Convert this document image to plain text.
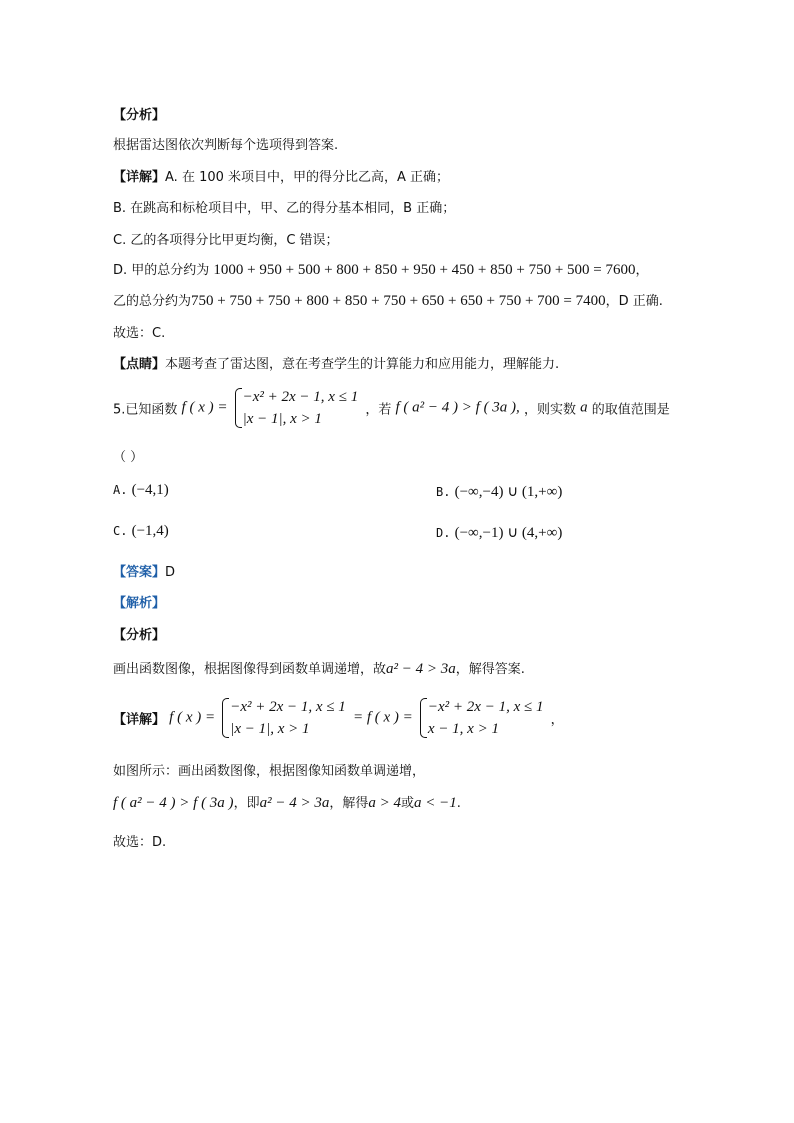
【分析】
根据雷达图依次判断每个选项得到答案.
【详解】A. 在 100 米项目中，甲的得分比乙高，A 正确；
B. 在跳高和标枪项目中，甲、乙的得分基本相同，B 正确；
C. 乙的各项得分比甲更均衡，C 错误；
D. 甲的总分约为 1000 + 950 + 500 + 800 + 850 + 950 + 450 + 850 + 750 + 500 = 7600，
乙的总分约为750 + 750 + 750 + 800 + 850 + 750 + 650 + 650 + 750 + 700 = 7400，D 正确.
故选：C.
【点睛】本题考查了雷达图，意在考查学生的计算能力和应用能力，理解能力.
5.已知函数 f ( x ) =
−x² + 2x − 1, x ≤ 1
|x − 1|, x > 1
，若 f ( a² − 4 ) > f ( 3a ), ，则实数 a 的取值范围是
（ ）
A. (−4,1)	B. (−∞,−4) ∪ (1,+∞)
C. (−1,4)	D. (−∞,−1) ∪ (4,+∞)
【答案】D
【解析】
【分析】
画出函数图像，根据图像得到函数单调递增，故a² − 4 > 3a，解得答案.
【详解】 f ( x ) =
−x² + 2x − 1, x ≤ 1
|x − 1|, x > 1
= f ( x ) =
−x² + 2x − 1, x ≤ 1
x − 1, x > 1
，
如图所示：画出函数图像，根据图像知函数单调递增，
f ( a² − 4 ) > f ( 3a )，即a² − 4 > 3a，解得a > 4或a < −1.
故选：D.
